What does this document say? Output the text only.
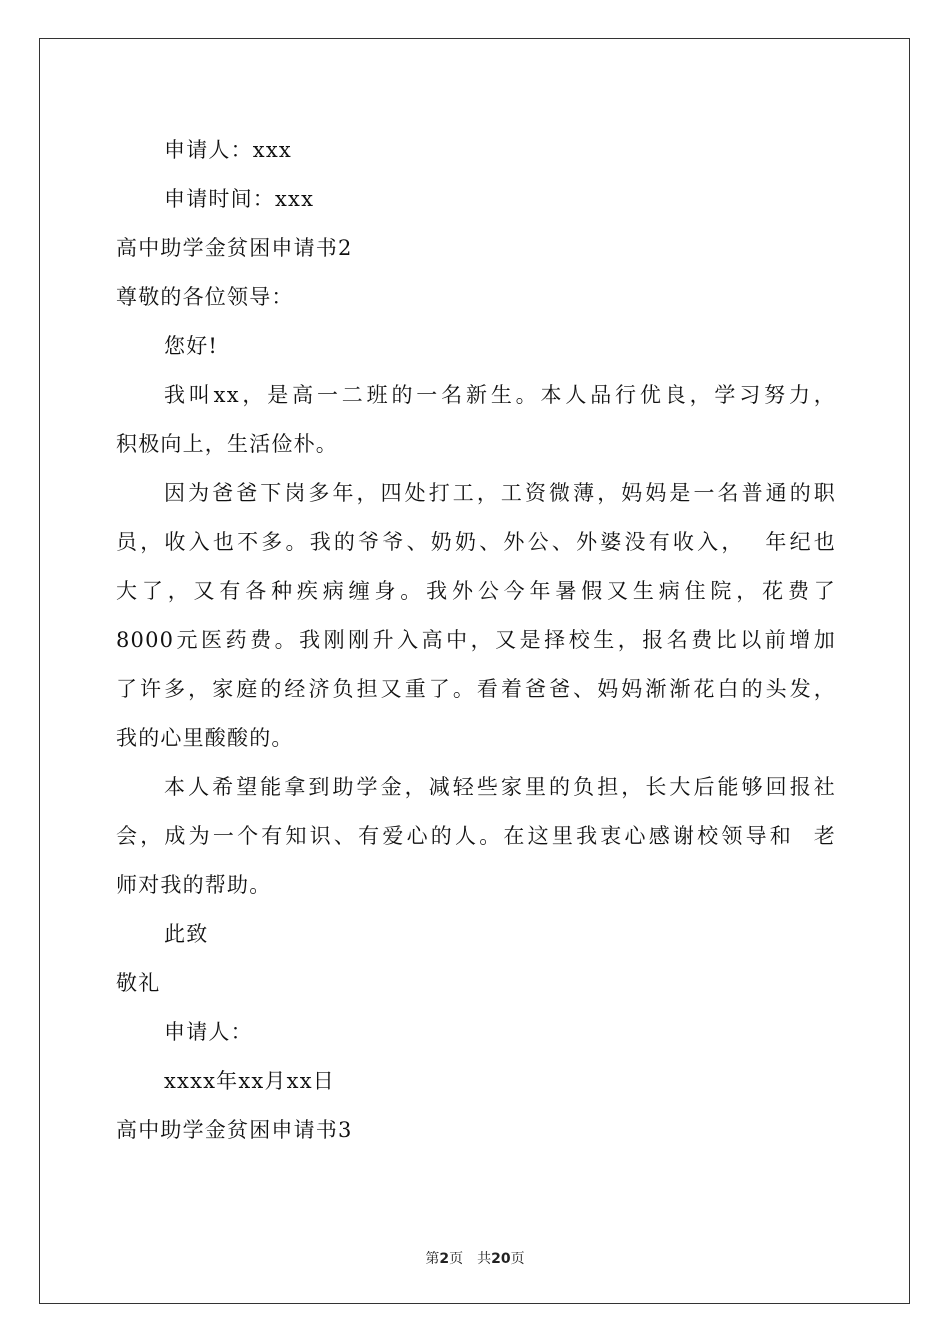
申请人：xxx
申请时间：xxx
高中助学金贫困申请书2
尊敬的各位领导：
您好!
我叫xx，是高一二班的一名新生。本人品行优良，学习努力，
积极向上，生活俭朴。
因为爸爸下岗多年，四处打工，工资微薄，妈妈是一名普通的职
员，收入也不多。我的爷爷、奶奶、外公、外婆没有收入，  年纪也
大了，又有各种疾病缠身。我外公今年暑假又生病住院，花费了
8000元医药费。我刚刚升入高中，又是择校生，报名费比以前增加
了许多，家庭的经济负担又重了。看着爸爸、妈妈渐渐花白的头发，
我的心里酸酸的。
本人希望能拿到助学金，减轻些家里的负担，长大后能够回报社
会，成为一个有知识、有爱心的人。在这里我衷心感谢校领导和  老
师对我的帮助。
此致
敬礼
申请人：
xxxx年xx月xx日
高中助学金贫困申请书3
第2页 共20页
